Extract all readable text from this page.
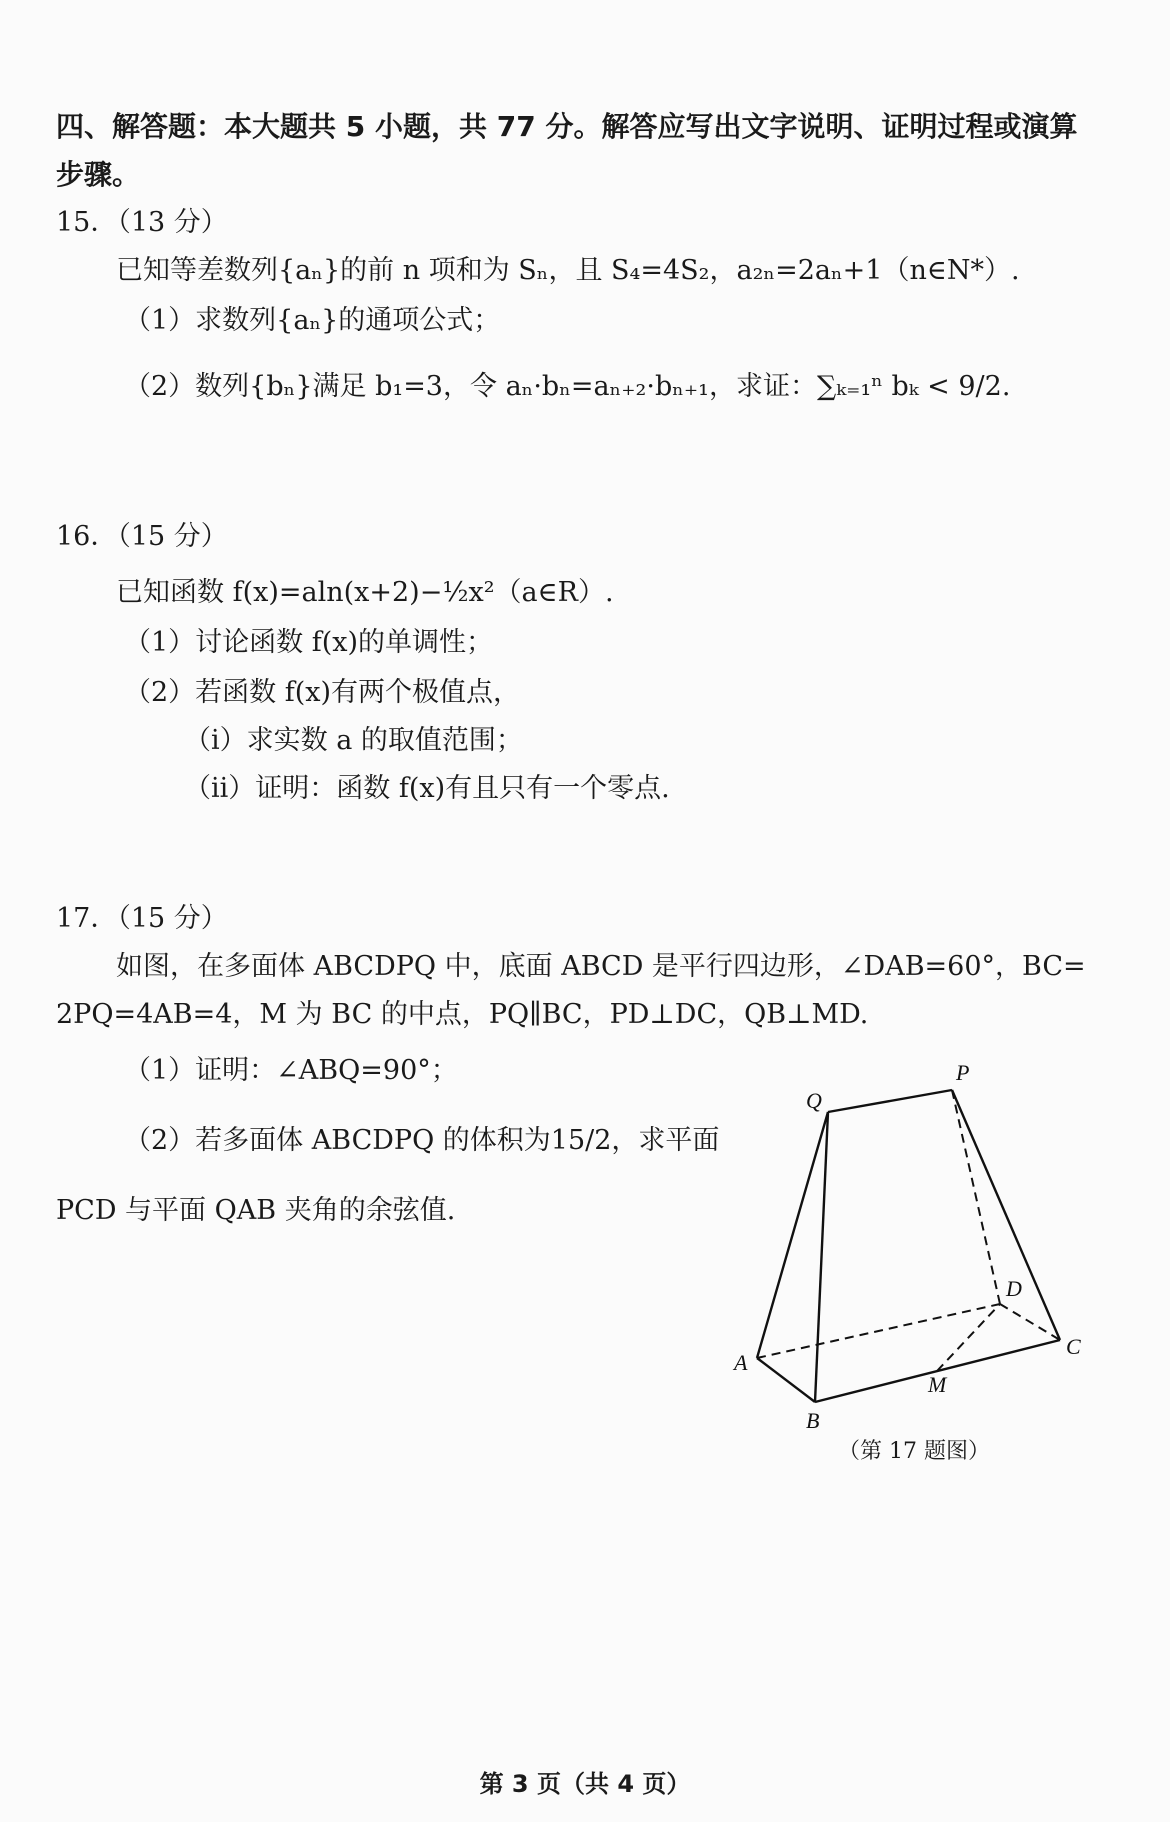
四、解答题：本大题共 5 小题，共 77 分。解答应写出文字说明、证明过程或演算
步骤。
15．（13 分）
已知等差数列{aₙ}的前 n 项和为 Sₙ，且 S₄=4S₂，a₂ₙ=2aₙ+1（n∈N*）.
（1）求数列{aₙ}的通项公式；
（2）数列{bₙ}满足 b₁=3，令 aₙ·bₙ=aₙ₊₂·bₙ₊₁，求证：∑ₖ₌₁ⁿ bₖ < 9/2.
16．（15 分）
已知函数 f(x)=aln(x+2)−½x²（a∈R）.
（1）讨论函数 f(x)的单调性；
（2）若函数 f(x)有两个极值点，
（i）求实数 a 的取值范围；
（ii）证明：函数 f(x)有且只有一个零点.
17．（15 分）
如图，在多面体 ABCDPQ 中，底面 ABCD 是平行四边形，∠DAB=60°，BC=
2PQ=4AB=4，M 为 BC 的中点，PQ∥BC，PD⊥DC，QB⊥MD.
（1）证明：∠ABQ=90°；
（2）若多面体 ABCDPQ 的体积为15/2，求平面
PCD 与平面 QAB 夹角的余弦值.
P
Q
A
B
C
D
M
（第 17 题图）
第 3 页（共 4 页）
